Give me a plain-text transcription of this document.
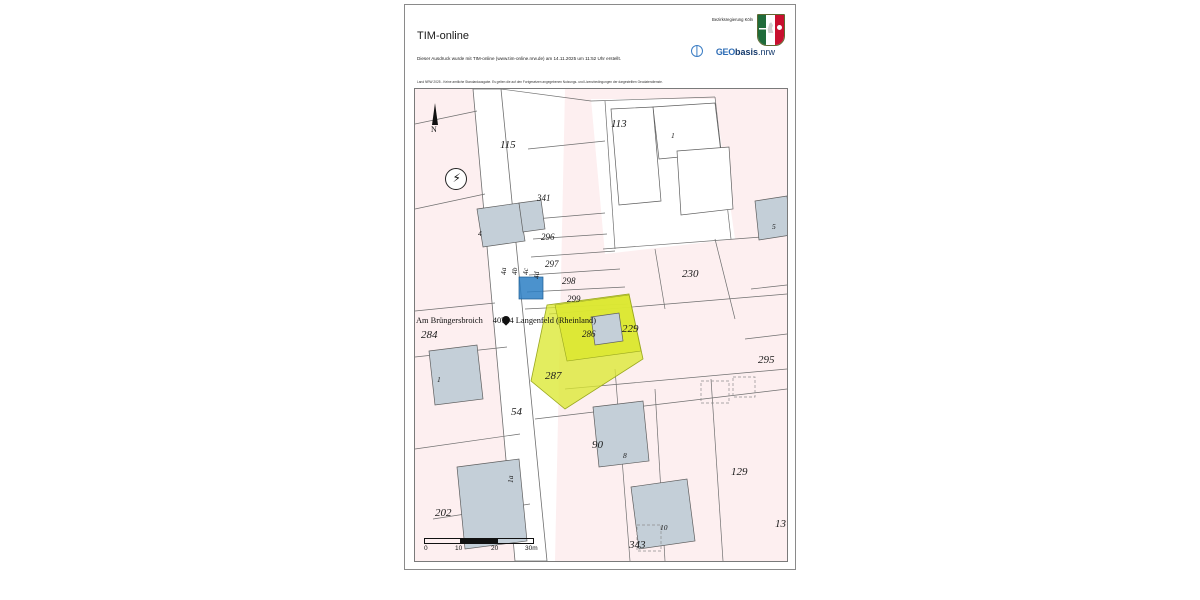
TIM-online
Dieser Ausdruck wurde mit TIM-online (www.tim-online.nrw.de) am 14.11.2025 um 11:52 Uhr erstellt.
Land NRW 2025 - Keine amtliche Standardausgabe. Es gelten die auf den Fortgesetzen angegebenen Nutzungs- und Lizenzbedingungen der dargestellten Geodatendienste.
Bezirksregierung Köln
GEObasis.nrw
N
⚡
Am Brüngersbroich 40764 Langenfeld (Rheinland)
115
113
341
296
297
298
299
230
229
286
287
284
295
54
90
129
13
202
343
1
4
5
4a 4b 4c
4d
1
1a
8
10
0	10	20	30m
